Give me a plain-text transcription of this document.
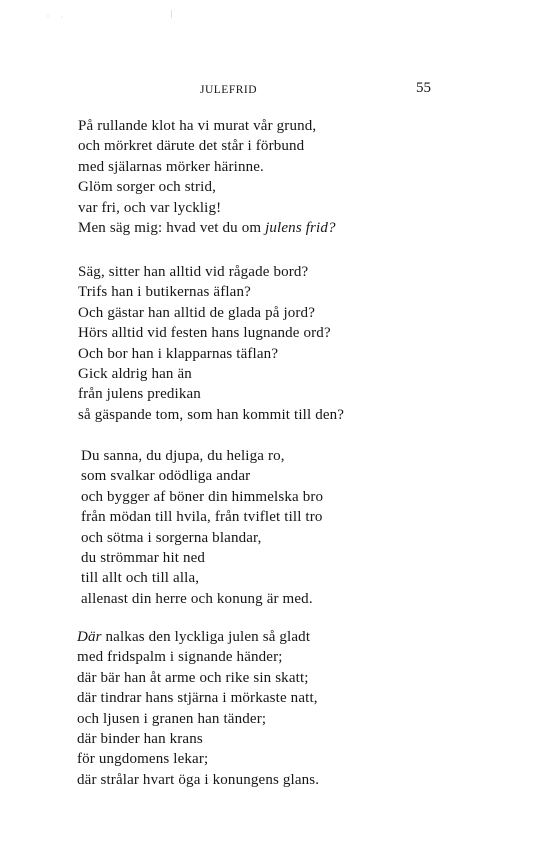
JULEFRID	55
På rullande klot ha vi murat vår grund,
och mörkret därute det står i förbund
med själarnas mörker härinne.
Glöm sorger och strid,
var fri, och var lycklig!
Men säg mig: hvad vet du om julens frid?
Säg, sitter han alltid vid rågade bord?
Trifs han i butikernas äflan?
Och gästar han alltid de glada på jord?
Hörs alltid vid festen hans lugnande ord?
Och bor han i klapparnas täflan?
Gick aldrig han än
från julens predikan
så gäspande tom, som han kommit till den?
Du sanna, du djupa, du heliga ro,
som svalkar odödliga andar
och bygger af böner din himmelska bro
från mödan till hvila, från tviflet till tro
och sötma i sorgerna blandar,
du strömmar hit ned
till allt och till alla,
allenast din herre och konung är med.
Där nalkas den lyckliga julen så gladt
med fridspalm i signande händer;
där bär han åt arme och rike sin skatt;
där tindrar hans stjärna i mörkaste natt,
och ljusen i granen han tänder;
där binder han krans
för ungdomens lekar;
där strålar hvart öga i konungens glans.
